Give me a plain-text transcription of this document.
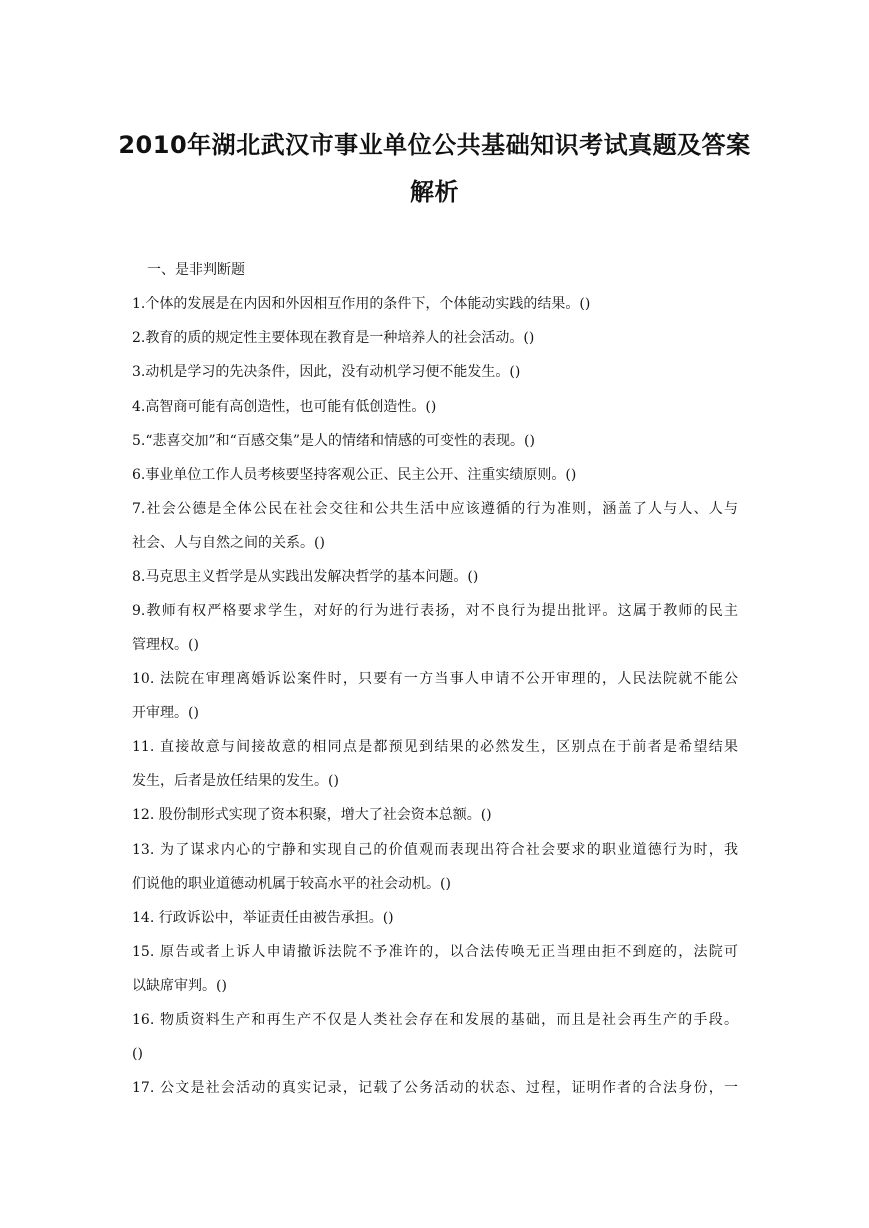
2010年湖北武汉市事业单位公共基础知识考试真题及答案
解析
一、是非判断题
1.个体的发展是在内因和外因相互作用的条件下，个体能动实践的结果。()
2.教育的质的规定性主要体现在教育是一种培养人的社会活动。()
3.动机是学习的先决条件，因此，没有动机学习便不能发生。()
4.高智商可能有高创造性，也可能有低创造性。()
5.“悲喜交加”和“百感交集”是人的情绪和情感的可变性的表现。()
6.事业单位工作人员考核要坚持客观公正、民主公开、注重实绩原则。()
7.社会公德是全体公民在社会交往和公共生活中应该遵循的行为准则，涵盖了人与人、人与
社会、人与自然之间的关系。()
8.马克思主义哲学是从实践出发解决哲学的基本问题。()
9.教师有权严格要求学生，对好的行为进行表扬，对不良行为提出批评。这属于教师的民主
管理权。()
10. 法院在审理离婚诉讼案件时，只要有一方当事人申请不公开审理的，人民法院就不能公
开审理。()
11. 直接故意与间接故意的相同点是都预见到结果的必然发生，区别点在于前者是希望结果
发生，后者是放任结果的发生。()
12. 股份制形式实现了资本积聚，增大了社会资本总额。()
13. 为了谋求内心的宁静和实现自己的价值观而表现出符合社会要求的职业道德行为时，我
们说他的职业道德动机属于较高水平的社会动机。()
14. 行政诉讼中，举证责任由被告承担。()
15. 原告或者上诉人申请撤诉法院不予准许的，以合法传唤无正当理由拒不到庭的，法院可
以缺席审判。()
16. 物质资料生产和再生产不仅是人类社会存在和发展的基础，而且是社会再生产的手段。
()
17. 公文是社会活动的真实记录，记载了公务活动的状态、过程，证明作者的合法身份，一
